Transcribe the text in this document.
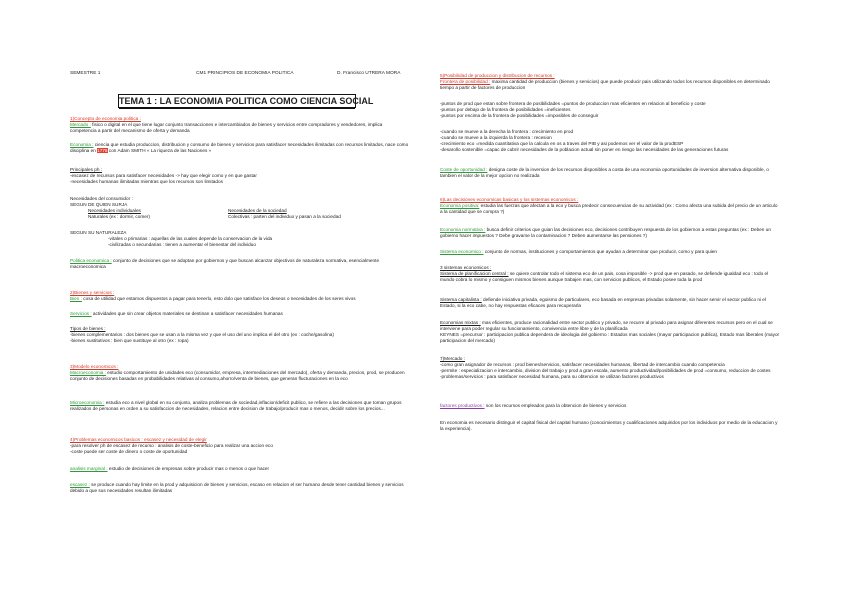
SEMESTRE 1	CM1 PRINCIPIOS DE ECONOMIA POLITICA	D. Francisco UTRERA MORA
TEMA 1 : LA ECONOMIA POLITICA COMO CIENCIA SOCIAL
1)Concepto de economia politica :
Mercado : fisico o digital en el que tiene lugar conjunto transacciones e intercambiados de bienes y servicios entre compradores y vendedores, implica competencia a partir del mecanismo de oferta y demanda
Economia : ciencia que estudia produccion, distribucion y consumo de bienes y servicios para satisfacer necesidades ilimitadas con recursos limitados, nace como disciplina en 1776 con Adam SMITH « La riqueza de las Naciones »
Principales ph :
-escasez de recursos para satisfacer necesidades -> hay que elegir como y en que gastar
-necesidades humanas ilimitadas mientras que los recursos son limitados
Necesidades del consumidor :
SEGUN DE QUIEN SURJA
Necesidades individuales	Necesidades de la sociedad
Naturales (ex : dormir, comer)	Colectivas : parten del individuo y pasan a la sociedad
SEGUN SU NATURALEZA
-vitales o primarias : aquellas de las cuales depende la conservacion de la vida
-civilizadas o secundarias : tienen a aumentar el bienestar del individuo
Politica economica : conjunto de decisiones que se adoptan por gobiernos y que buscan alcanzar objectivos de naturaleza normativa, esencialmente macroeconomica
2)Bienes y servicios :
Bien : cosa de utilidad que estamos dispuestos a pagar para tenerlo, esto dolo que satisface los deseos o necesidades de los seres vivos
Servicios : actividades que sin crear objetos materiales se destinan a satisfacer necesidades humanas
Tipos de bienes :
-bienes complementarios : dos bienes que se usan a la misma vez y que el uso del uno implica el del otro (ex : coche/gasolina)
-bienes sustitutivos : bien que sustituye al otro (ex : ropa)
3)Modelo economicos :
Macroeconomia : estudio comportamiento de unidades eco (consumidor, empresa, intermediaciones del mercado), oferta y demanda, precios, prod, se producen conjunto de decisiones basadas en probabilidades relativas al consumo,ahorro/venta de bienes, que generan flucturaciones en la eco
Microeconomia : estudia eco a nivel global en su conjunto, analiza problemas de sociedad,inflacion/deficit publico, se refiere a las decisiones que toman grupos realizados de personas en orden a su satisfaccion de necesidades, relacion entre decision de trabajo/producir mas o menos, decidir sobre los precios...
4)Problemas economicos basicos : escasez y necesidad de elegir
-para resolver ph de escasez de recurso : analisis de coste-beneficio para realizar una accion eco
-coste puede ser coste de dinero o coste de oportunidad
analisis marginal : estudio de decisiones de empresas sobre producir mas o menos o que hacer
escasez : se produce cuando hay limite en la prod y adquisicion de bienes y servicios, escaso en relacion el ser humano desde tener cantidad bienes y servicios debido a que sus necesidades resultan ilimitadas
5)Posibilidad de produccion y distribucion de recursos :
Frontera de posibilidad : maxima cantidad de produccion (bienes y servicios) que puede producir pais utilizando todos los recursos disponibles en determinado tiempo a partir de factores de produccion
-puntos de prod que estan sobre frontera de posibilidades =puntos de produccion mas eficientes en relacion al beneficio y coste
-puntos por debajo de la frontera de posibilidades =ineficientes
-puntos por encima de la frontera de posibilidades =imposibles de conseguir
-cuando se mueve a la derecha la frontera : crecimiento en prod
-cuando se mueve a la izquierda la frontera : recesion
-crecimiento eco =medida cuantitativa que la calcula en os a traves del PIB y asi podemos ver el valor de la prodESP
-desarollo sostenible =capac de cubrir necesidades de la poblacion actual sin poner en riesgo las necesidades de las generaciones futuras
Coste de oportunidad : designa coste de la inversion de los recursos disponibles a costa de una economia oportunidades de inversion alternativa disponible, o tambien el valor de la mejor opcion no realizada
6)Las decisiones economicas basicas y los sistemas economicos :
Economia positiva: estudia las fuerzas que afectan a la eco y busca predecir consecuencias de su actividad (ex : Como afecta una subida del precio de un articulo a la cantidad que se compra ?)
Economia normativa : busca definir criterios que guian las decisiones eco, decisiones contribuyen respuesta de los gobiernos a estas preguntas (ex : Deben un gobierno hacer impuestos ? Debe gravarse la contaminacion ? Deben aumentarse las pensiones ?)
Sistema economico : conjunto de normas, instituciones y comportamientos que ayudan a determinar que producir, como y para quien
3 sistemas economicos :
Sistema de planificacion central : se quiere controlar todo el sistema eco de un pais, cosa imposible -> prod que en pasado, se defiende igualdad eco : todo el mundo cobra lo mismo y consiguen mismos bienes aunque trabajen mas, con servicios publicos, el Estado posee toda la prod
Sistema capitalista : defiende iniciativa privada, egoismo de particulares, eco basada en empresas privadas solamente, sin hacer servir el sector publico ni el Estado, si la eco cabe, no hay respuestas eficaces para recuperarla
Economias mixtas : mas eficientes, produce racionalidad entre sector publico y privado, se recurre al privado para asignar diferentes recursos pero en el cual se interviene para poder regular su funcionamiento, convivencia entre libre y de la planificada
KEYNES =precursor : participacion publica dependera de ideologia del gobierno : Estados mas sociales (mayor participacion publica), Estado mas liberales (mayor participacion del mercado)
7)Mercado :
-como gran asignador de recursos : prod bienes/servicios, satisfacer necesidades humanas, libertad de intercambio cuando competencia
-permite : especializacion e intercambio, division del trabajo y prod a gran escala, aumento productividad/posibilidades de prod =consumo, reduccion de costes
-problemas/servicios : para satisfacer necesidad humana, para su obtencion se utilizan factores productivos
factores productivos : son los recursos empleados para la obtencion de bienes y servicios
En economia es necesario distinguir el capital fisical del capital humano (conocimientos y cualificaciones adquiridos por los individuos por medio de la educacion y la experiencia).
